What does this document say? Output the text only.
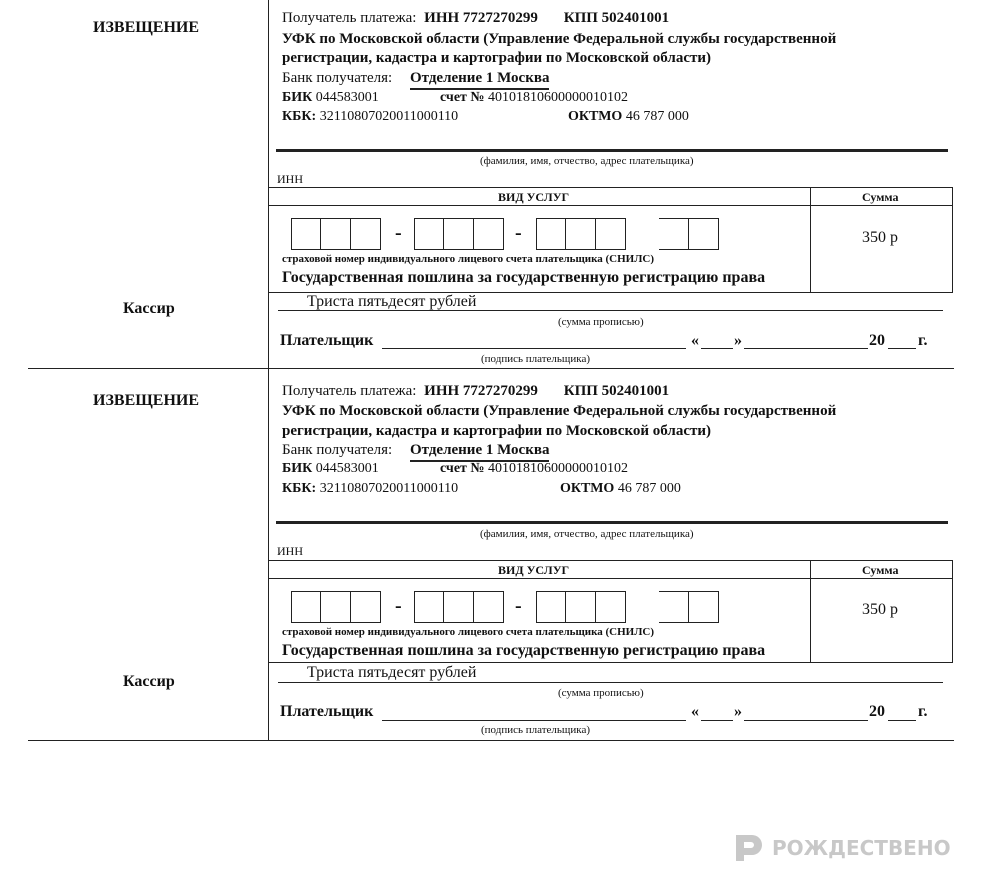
ИЗВЕЩЕНИЕ
Кассир
Получатель платежа: ИНН 7727270299 КПП 502401001
УФК по Московской области (Управление Федеральной службы государственной
регистрации, кадастра и картографии по Московской области)
Банк получателя: Отделение 1 Москва
БИК 044583001	счет № 40101810600000010102
КБК: 32110807020011000110	ОКТМО 46 787 000
(фамилия, имя, отчество, адрес плательщика)
ИНН
ВИД УСЛУГ	Сумма
-	-
страховой номер индивидуального лицевого счета плательщика (СНИЛС)
Государственная пошлина за государственную регистрацию права
350 р
Триста пятьдесят рублей
(сумма прописью)
Плательщик	« »	20 г.
(подпись плательщика)
ИЗВЕЩЕНИЕ
Кассир
Получатель платежа: ИНН 7727270299 КПП 502401001
УФК по Московской области (Управление Федеральной службы государственной
регистрации, кадастра и картографии по Московской области)
Банк получателя: Отделение 1 Москва
БИК 044583001	счет № 40101810600000010102
КБК: 32110807020011000110	ОКТМО 46 787 000
(фамилия, имя, отчество, адрес плательщика)
ИНН
ВИД УСЛУГ	Сумма
-	-
страховой номер индивидуального лицевого счета плательщика (СНИЛС)
Государственная пошлина за государственную регистрацию права
350 р
Триста пятьдесят рублей
(сумма прописью)
Плательщик	« »	20 г.
(подпись плательщика)
РОЖДЕСТВЕНО
